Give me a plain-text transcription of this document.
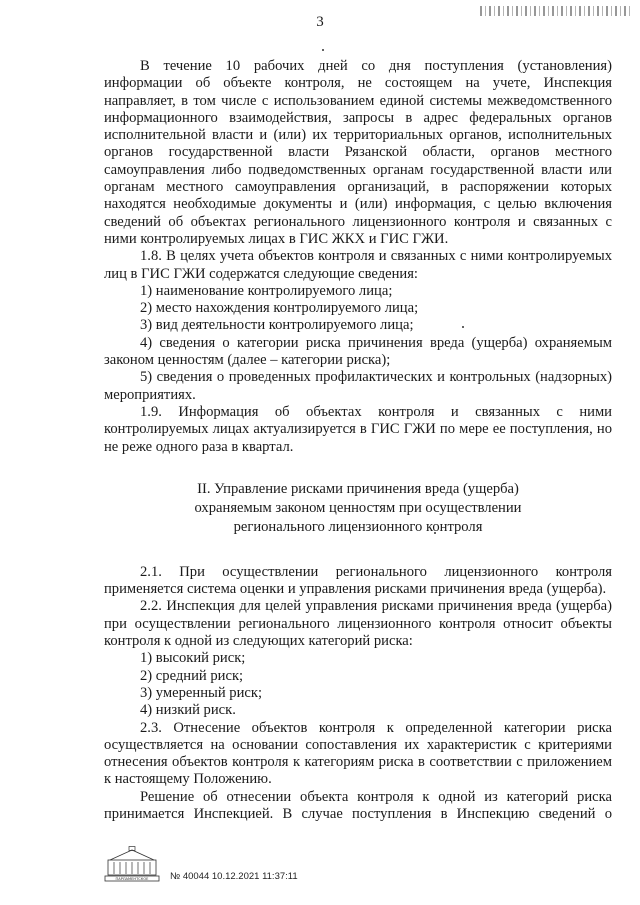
3

В течение 10 рабочих дней со дня поступления (установления) информации об объекте контроля, не состоящем на учете, Инспекция направляет, в том числе с использованием единой системы межведомственного информационного взаимодействия, запросы в адрес федеральных органов исполнительной власти и (или) их территориальных органов, исполнительных органов государственной власти Рязанской области, органов местного самоуправления либо подведомственных органам государственной власти или органам местного самоуправления организаций, в распоряжении которых находятся необходимые документы и (или) информация, с целью включения сведений об объектах регионального лицензионного контроля и связанных с ними контролируемых лицах в ГИС ЖКХ и ГИС ГЖИ.

1.8. В целях учета объектов контроля и связанных с ними контролируемых лиц в ГИС ГЖИ содержатся следующие сведения:

1) наименование контролируемого лица;

2) место нахождения контролируемого лица;

3) вид деятельности контролируемого лица;

4) сведения о категории риска причинения вреда (ущерба) охраняемым законом ценностям (далее – категории риска);

5) сведения о проведенных профилактических и контрольных (надзорных) мероприятиях.

1.9. Информация об объектах контроля и связанных с ними контролируемых лицах актуализируется в ГИС ГЖИ по мере ее поступления, но не реже одного раза в квартал.

II. Управление рисками причинения вреда (ущерба)
охраняемым законом ценностям при осуществлении
регионального лицензионного контроля

2.1. При осуществлении регионального лицензионного контроля применяется система оценки и управления рисками причинения вреда (ущерба).

2.2. Инспекция для целей управления рисками причинения вреда (ущерба) при осуществлении регионального лицензионного контроля относит объекты контроля к одной из следующих категорий риска:

1) высокий риск;

2) средний риск;

3) умеренный риск;

4) низкий риск.

2.3. Отнесение объектов контроля к определенной категории риска осуществляется на основании сопоставления их характеристик с критериями отнесения объектов контроля к категориям риска в соответствии с приложением к настоящему Положению.

Решение об отнесении объекта контроля к одной из категорий риска принимается Инспекцией. В случае поступления в Инспекцию сведений о

ПАРЛАМЕНТСКОЕ № 40044 10.12.2021 11:37:11
